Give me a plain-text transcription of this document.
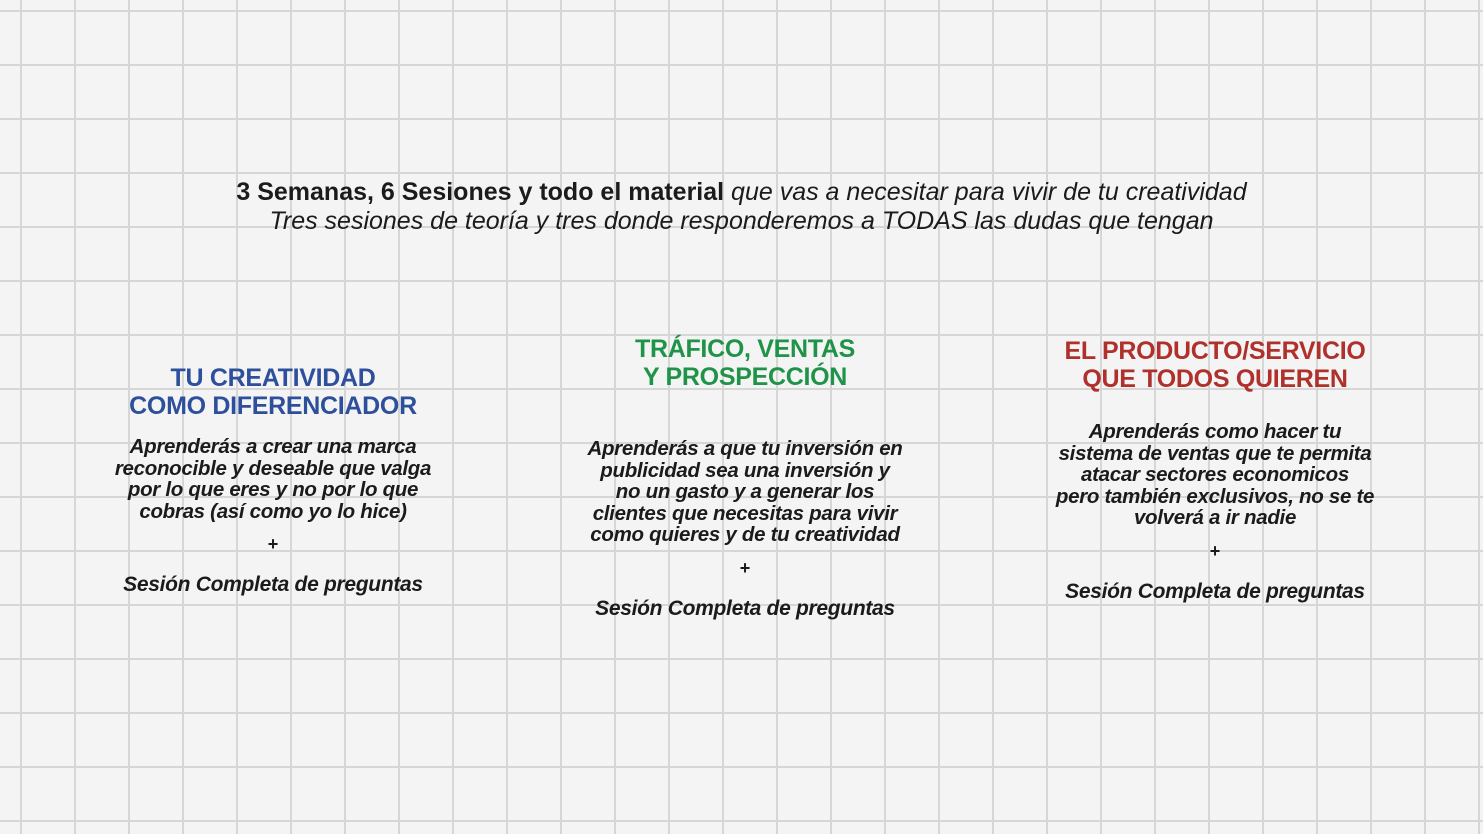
3 Semanas, 6 Sesiones y todo el material que vas a necesitar para vivir de tu creatividad
Tres sesiones de teoría y tres donde responderemos a TODAS las dudas que tengan
TU CREATIVIDAD
COMO DIFERENCIADOR
Aprenderás a crear una marca
reconocible y deseable que valga
por lo que eres y no por lo que
cobras (así como yo lo hice)
+
Sesión Completa de preguntas
TRÁFICO, VENTAS
Y PROSPECCIÓN
Aprenderás a que tu inversión en
publicidad sea una inversión y
no un gasto y a generar los
clientes que necesitas para vivir
como quieres y de tu creatividad
+
Sesión Completa de preguntas
EL PRODUCTO/SERVICIO
QUE TODOS QUIEREN
Aprenderás como hacer tu
sistema de ventas que te permita
atacar sectores economicos
pero también exclusivos, no se te
volverá a ir nadie
+
Sesión Completa de preguntas
